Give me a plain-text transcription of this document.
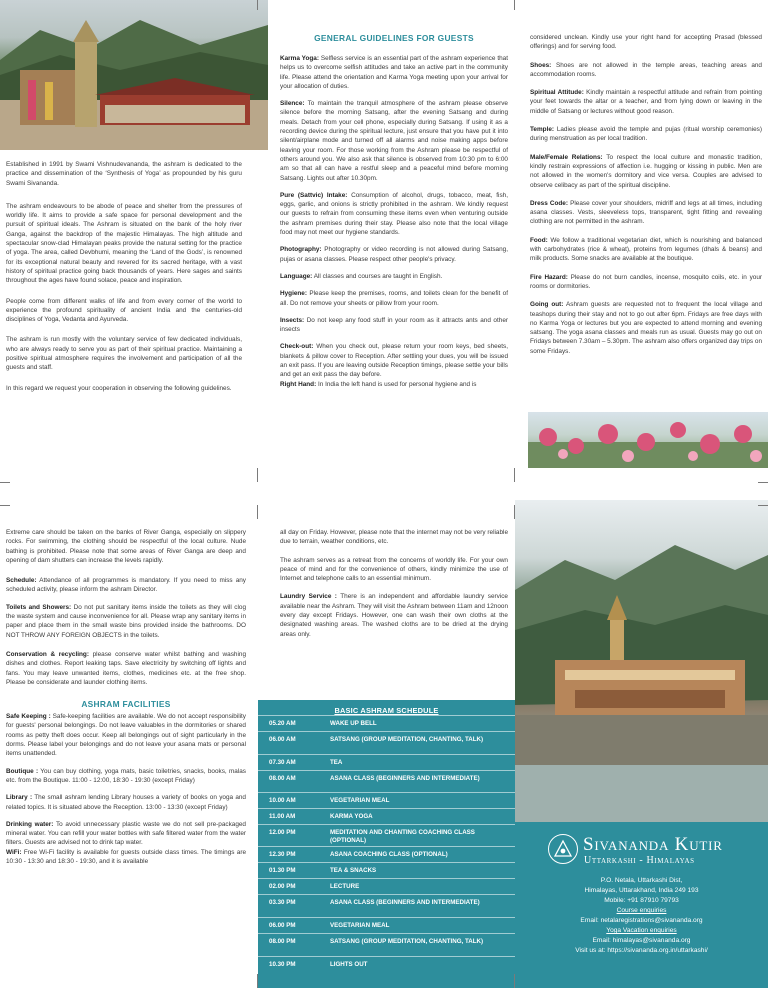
Established in 1991 by Swami Vishnudevananda, the ashram is dedicated to the practice and dissemination of the ‘Synthesis of Yoga’ as propounded by his guru Swami Sivananda.

The ashram endeavours to be abode of peace and shelter from the pressures of worldly life. It aims to provide a safe space for personal development and the pursuit of spiritual ideals. The Ashram is situated on the bank of the holy river Ganga, against the backdrop of the majestic Himalayas. The high altitude and spectacular snow-clad Himalayan peaks provide the natural setting for the practice of yoga. The area, called Devbhumi, meaning the ‘Land of the Gods’, is renowned for its exceptional natural beauty and revered for its sacred heritage, with a vast history of spiritual practice going back thousands of years. Here sages and saints throughout the ages have found solace, peace and inspiration.

People come from different walks of life and from every corner of the world to experience the profound spirituality of ancient India and the centuries-old disciplines of Yoga, Vedanta and Ayurveda.

The ashram is run mostly with the voluntary service of few dedicated individuals, who are always ready to serve you as part of their spiritual practice. Maintaining a positive spiritual atmosphere requires the involvement and participation of all the guests and staff.

In this regard we request your cooperation in observing the following guidelines.

GENERAL GUIDELINES FOR GUESTS

Karma Yoga: Selfless service is an essential part of the ashram experience that helps us to overcome selfish attitudes and take an active part in the community life. Please attend the orientation and Karma Yoga meeting upon your arrival for your allocation of duties.

Silence: To maintain the tranquil atmosphere of the ashram please observe silence before the morning Satsang, after the evening Satsang and during meals. Detach from your cell phone, especially during Satsang. If using it as a recording device during the spiritual lecture, just ensure that you have put it into silent/airplane mode and turned off all alarms and noise making apps before leaving your room. For those working from the Ashram please be respectful of others around you. We also ask that silence is observed from 10:30 pm to 6:00 am so that all can have a restful sleep and a peaceful mind before morning Satsang. Lights out after 10.30pm.

Pure (Sattvic) Intake: Consumption of alcohol, drugs, tobacco, meat, fish, eggs, garlic, and onions is strictly prohibited in the ashram. We kindly request our guests to refrain from consuming these items even when venturing outside the ashram premises during their stay. Please also note that the local village food may not meet our hygiene standards.

Photography: Photography or video recording is not allowed during Satsang, pujas or asana classes. Please respect other people's privacy.

Language: All classes and courses are taught in English.

Hygiene: Please keep the premises, rooms, and toilets clean for the benefit of all. Do not remove your sheets or pillow from your room.

Insects: Do not keep any food stuff in your room as it attracts ants and other insects

Check-out: When you check out, please return your room keys, bed sheets, blankets & pillow cover to Reception. After settling your dues, you will be issued an exit pass. If you are leaving outside Reception timings, please settle your bills and get an exit pass the day before.

Right Hand: In India the left hand is used for personal hygiene and is

considered unclean. Kindly use your right hand for accepting Prasad (blessed offerings) and for serving food.

Shoes: Shoes are not allowed in the temple areas, teaching areas and accommodation rooms.

Spiritual Attitude: Kindly maintain a respectful attitude and refrain from pointing your feet towards the altar or a teacher, and from lying down or leaving in the middle of Satsang or lectures without good reason.

Temple: Ladies please avoid the temple and pujas (ritual worship ceremonies) during menstruation as per local tradition.

Male/Female Relations: To respect the local culture and monastic tradition, kindly restrain expressions of affection i.e. hugging or kissing in public. Men are not allowed in the women's dormitory and vice versa. Couples are advised to observe celibacy as part of the spiritual discipline.

Dress Code: Please cover your shoulders, midriff and legs at all times, including asana classes. Vests, sleeveless tops, transparent, tight fitting and revealing clothing are not permitted in the ashram.

Food: We follow a traditional vegetarian diet, which is nourishing and balanced with carbohydrates (rice & wheat), proteins from legumes (dhals & beans) and milk products. Some snacks are available at the boutique.

Fire Hazard: Please do not burn candles, incense, mosquito coils, etc. in your rooms or dormitories.

Going out: Ashram guests are requested not to frequent the local village and teashops during their stay and not to go out after 6pm. Fridays are free days with no Karma Yoga or lectures but you are expected to attend morning and evening satsang. The yoga asana classes and meals run as usual. Guests may go out on Fridays between 7.30am – 5.30pm. The ashram also offers organized day trips on some Fridays.

Extreme care should be taken on the banks of River Ganga, especially on slippery rocks. For swimming, the clothing should be respectful of the local culture. Nude bathing is prohibited. Please note that some areas of River Ganga are deep and opening of dam shutters can increase the levels rapidly.

Schedule: Attendance of all programmes is mandatory. If you need to miss any scheduled activity, please inform the ashram Director.

Toilets and Showers: Do not put sanitary items inside the toilets as they will clog the waste system and cause inconvenience for all. Please wrap any sanitary items in paper and place them in the small waste bins provided inside the bathrooms. DO NOT THROW ANY FOREIGN OBJECTS in the toilets.

Conservation & recycling: please conserve water whilst bathing and washing dishes and clothes. Report leaking taps. Save electricity by switching off lights and fans. You may leave unwanted items, clothes, medicines etc. at the free shop. Please be considerate and launder clothing items.

ASHRAM FACILITIES

Safe Keeping : Safe-keeping facilities are available. We do not accept responsibility for guests' personal belongings. Do not leave valuables in the dormitories or shared rooms as petty theft does occur. Keep all belongings out of sight particularly in the dorms. Please label your belongings and do not leave your asana mats or personal items unattended.

Boutique : You can buy clothing, yoga mats, basic toiletries, snacks, books, malas etc. from the Boutique. 11:00 - 12:00, 18:30 - 19:30 (except Friday)

Library : The small ashram lending Library houses a variety of books on yoga and related topics. It is situated above the Reception. 13:00 - 13:30 (except Friday)

Drinking water: To avoid unnecessary plastic waste we do not sell pre-packaged mineral water. You can refill your water bottles with safe filtered water from the water filters. Guests are advised not to drink tap water.

WiFi: Free Wi-Fi facility is available for guests outside class times. The timings are 10:30 - 13:30 and 18:30 - 19:30, and it is available

all day on Friday. However, please note that the internet may not be very reliable due to terrain, weather conditions, etc.

The ashram serves as a retreat from the concerns of worldly life. For your own peace of mind and for the convenience of others, kindly minimize the use of Internet and telephone calls to an essential minimum.

Laundry Service : There is an independent and affordable laundry service available near the Ashram. They will visit the Ashram between 11am and 12noon every day except Fridays. However, one can wash their own cloths at the designated washing areas. The washed cloths are to be dried at the drying areas only.

BASIC ASHRAM SCHEDULE
05.20 AM	WAKE UP BELL
06.00 AM	SATSANG (GROUP MEDITATION, CHANTING, TALK)
07.30 AM	TEA
08.00 AM	ASANA CLASS (BEGINNERS AND INTERMEDIATE)
10.00 AM	VEGETARIAN MEAL
11.00 AM	KARMA YOGA
12.00 PM	MEDITATION AND CHANTING COACHING CLASS (OPTIONAL)
12.30 PM	ASANA COACHING CLASS (OPTIONAL)
01.30 PM	TEA & SNACKS
02.00 PM	LECTURE
03.30 PM	ASANA CLASS (BEGINNERS AND INTERMEDIATE)
06.00 PM	VEGETARIAN MEAL
08.00 PM	SATSANG (GROUP MEDITATION, CHANTING, TALK)
10.30 PM	LIGHTS OUT
Sivananda Kutir
Uttarkashi - Himalayas
P.O. Netala, Uttarkashi Dist,
Himalayas, Uttarakhand, India 249 193
Mobile: +91 87910 79793
Course enquiries
Email: netalaregistrations@sivananda.org
Yoga Vacation enquiries
Email: himalayas@sivananda.org
Visit us at: https://sivananda.org.in/uttarkashi/
